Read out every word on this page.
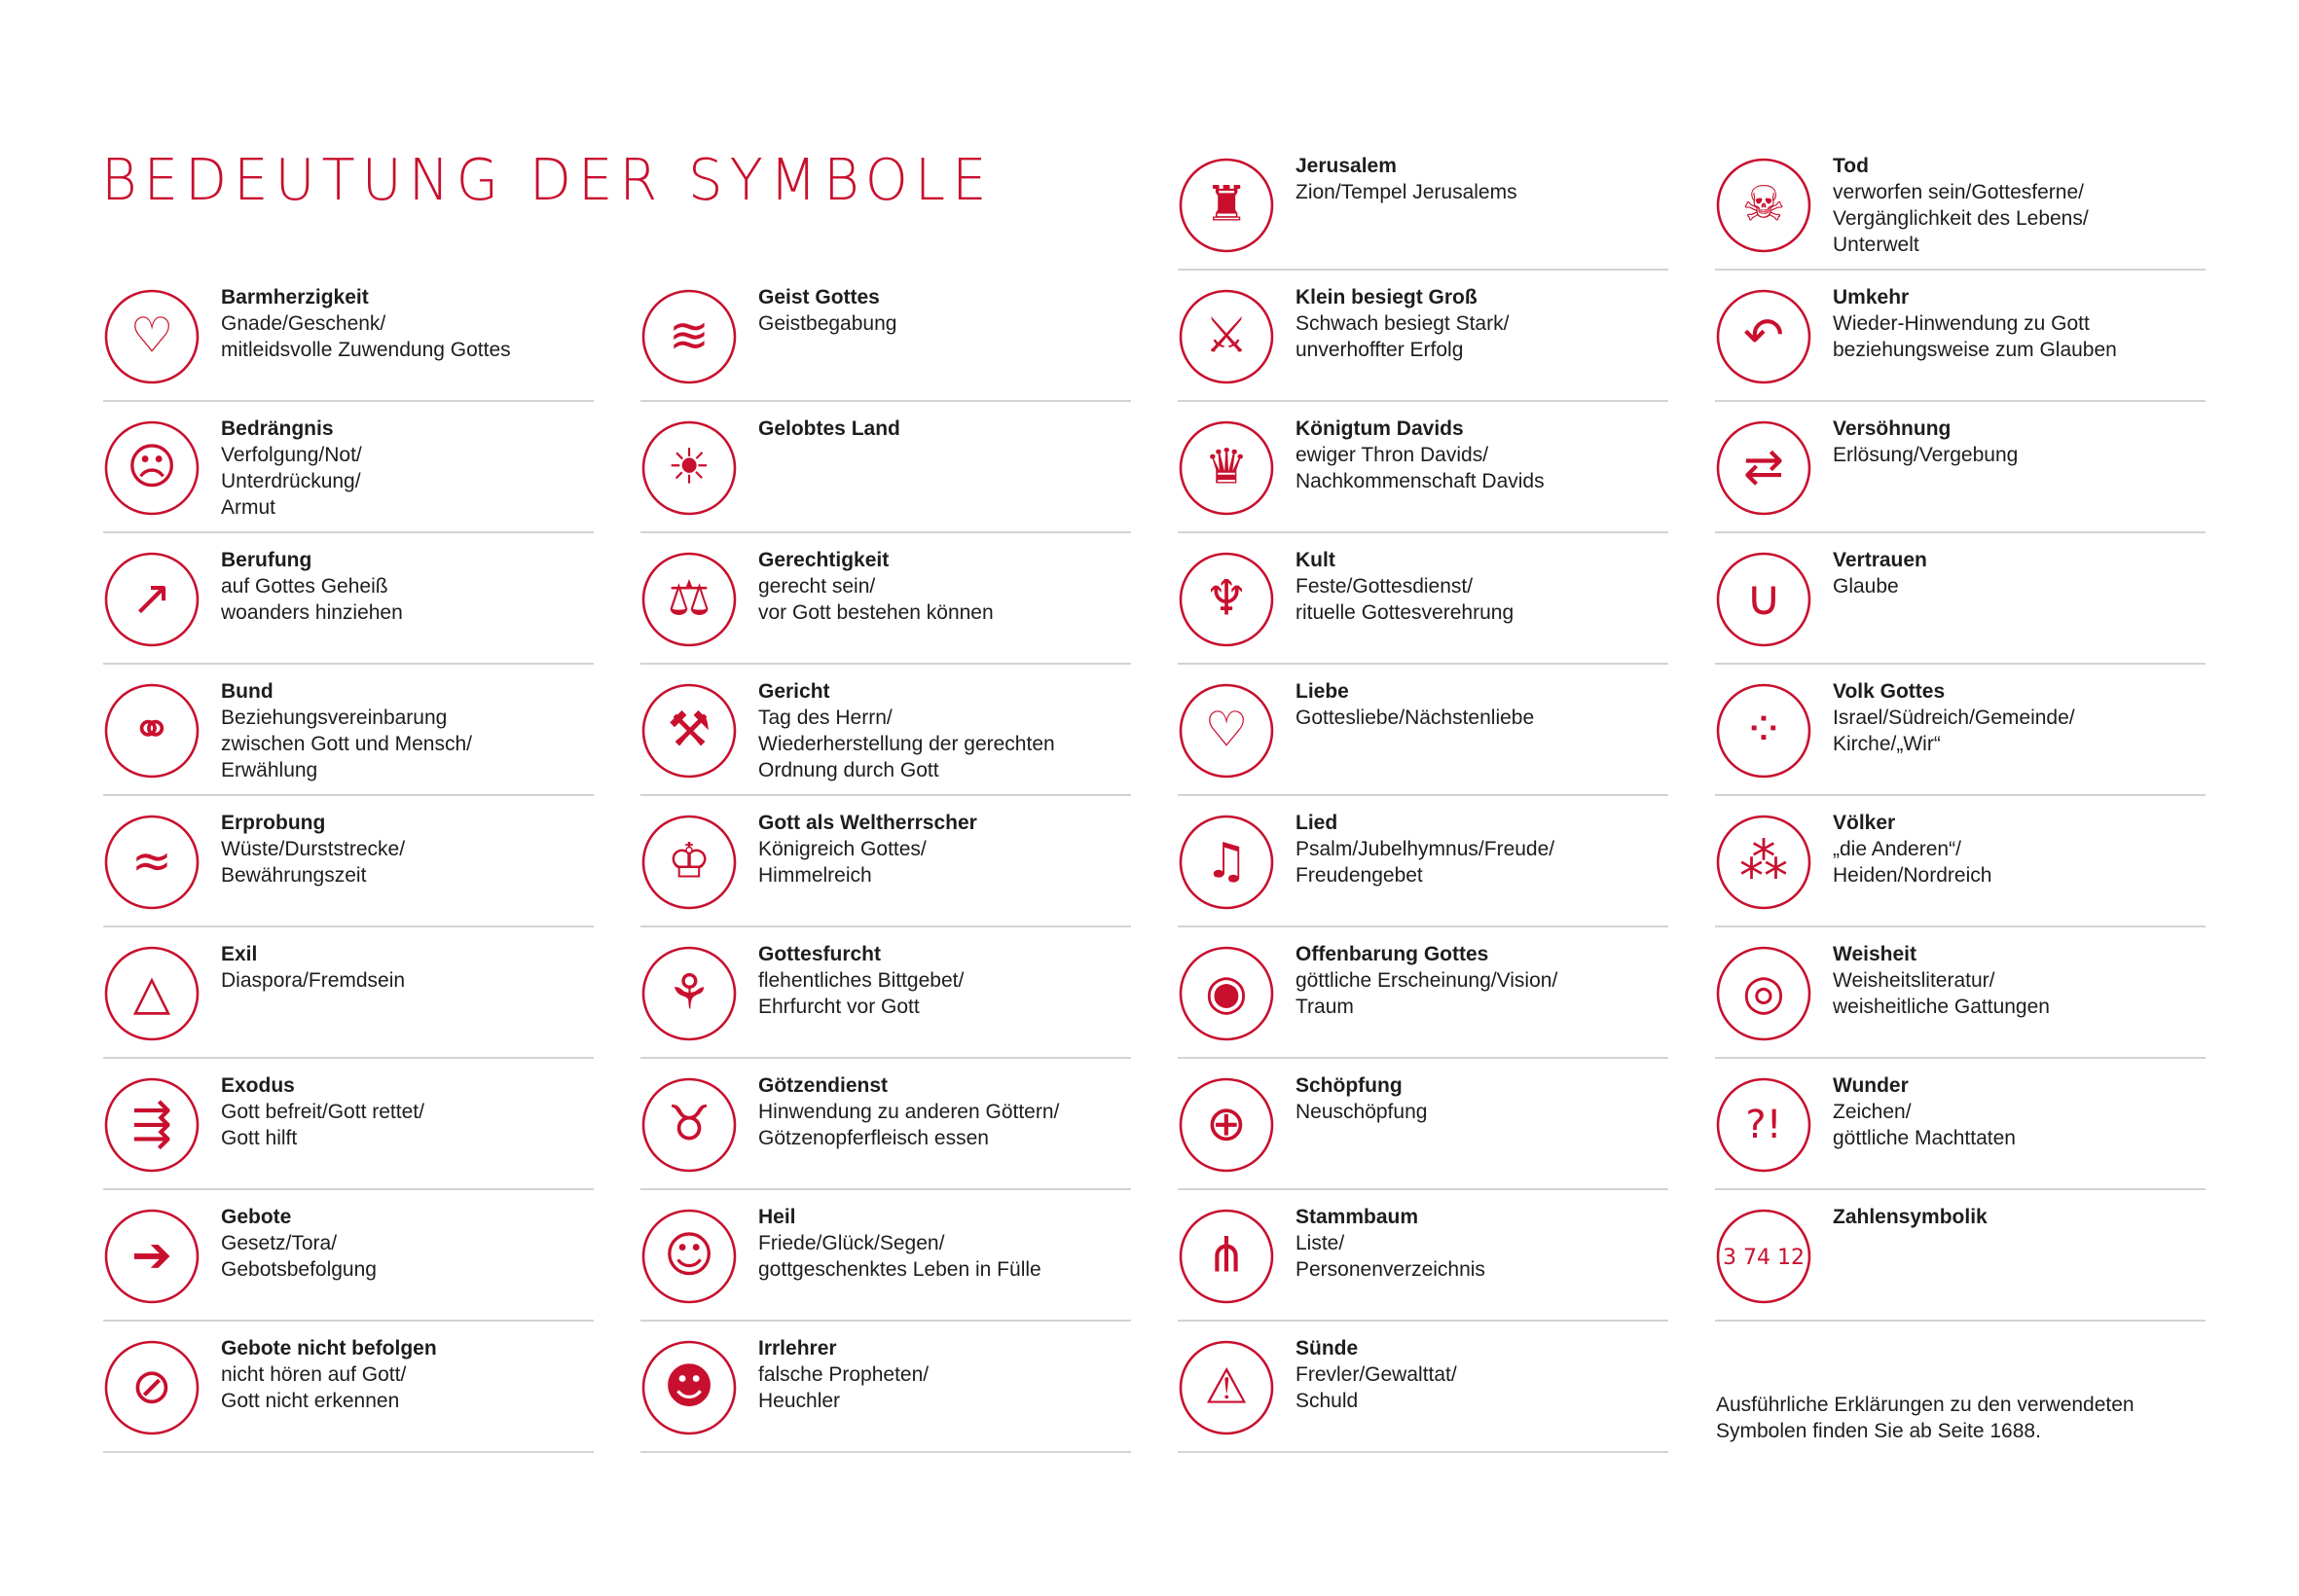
BEDEUTUNG DER SYMBOLE
♡
Barmherzigkeit
Gnade/Geschenk/
mitleidsvolle Zuwendung Gottes
☹
Bedrängnis
Verfolgung/Not/
Unterdrückung/
Armut
↗
Berufung
auf Gottes Geheiß
woanders hinziehen
⚭
Bund
Beziehungsvereinbarung
zwischen Gott und Mensch/
Erwählung
≈
Erprobung
Wüste/Durststrecke/
Bewährungszeit
△
Exil
Diaspora/Fremdsein
⇶
Exodus
Gott befreit/Gott rettet/
Gott hilft
➔
Gebote
Gesetz/Tora/
Gebotsbefolgung
⊘
Gebote nicht befolgen
nicht hören auf Gott/
Gott nicht erkennen
≋
Geist Gottes
Geistbegabung
☀
Gelobtes Land
⚖
Gerechtigkeit
gerecht sein/
vor Gott bestehen können
⚒
Gericht
Tag des Herrn/
Wiederherstellung der gerechten
Ordnung durch Gott
♔
Gott als Weltherrscher
Königreich Gottes/
Himmelreich
⚘
Gottesfurcht
flehentliches Bittgebet/
Ehrfurcht vor Gott
♉
Götzendienst
Hinwendung zu anderen Göttern/
Götzenopferfleisch essen
☺
Heil
Friede/Glück/Segen/
gottgeschenktes Leben in Fülle
☻
Irrlehrer
falsche Propheten/
Heuchler
♜
Jerusalem
Zion/Tempel Jerusalems
⚔
Klein besiegt Groß
Schwach besiegt Stark/
unverhoffter Erfolg
♛
Königtum Davids
ewiger Thron Davids/
Nachkommenschaft Davids
♆
Kult
Feste/Gottesdienst/
rituelle Gottesverehrung
♡
Liebe
Gottesliebe/Nächstenliebe
♫
Lied
Psalm/Jubelhymnus/Freude/
Freudengebet
◉
Offenbarung Gottes
göttliche Erscheinung/Vision/
Traum
⊕
Schöpfung
Neuschöpfung
⋔
Stammbaum
Liste/
Personenverzeichnis
⚠
Sünde
Frevler/Gewalttat/
Schuld
☠
Tod
verworfen sein/Gottesferne/
Vergänglichkeit des Lebens/
Unterwelt
↶
Umkehr
Wieder-Hinwendung zu Gott
beziehungsweise zum Glauben
⇄
Versöhnung
Erlösung/Vergebung
∪
Vertrauen
Glaube
⁘
Volk Gottes
Israel/Südreich/Gemeinde/
Kirche/„Wir“
⁂
Völker
„die Anderen“/
Heiden/Nordreich
◎
Weisheit
Weisheitsliteratur/
weisheitliche Gattungen
?!
Wunder
Zeichen/
göttliche Machttaten
3 74 12
Zahlensymbolik
Ausführliche Erklärungen zu den verwendeten
Symbolen finden Sie ab Seite 1688.
